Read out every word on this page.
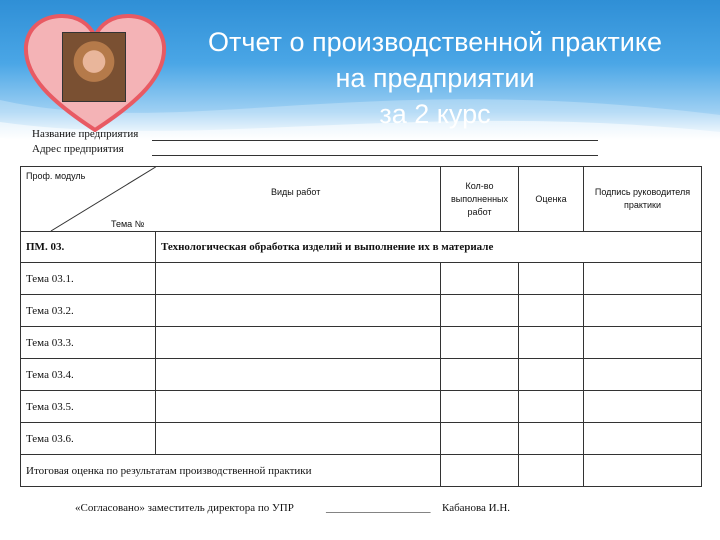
Отчет о производственной практике
на предприятии
за 2 курс
Название предприятия
Адрес предприятия
Проф. модуль
Виды работ
Тема №		Кол-во выполненных работ	Оценка	Подпись руководителя практики
ПМ. 03.	Технологическая обработка изделий и выполнение их в материале			
Тема 03.1.				
Тема 03.2.				
Тема 03.3.				
Тема 03.4.				
Тема 03.5.				
Тема 03.6.				
Итоговая оценка по результатам производственной практики				
«Согласовано» заместитель директора по УПР	___________________ Кабанова И.Н.
